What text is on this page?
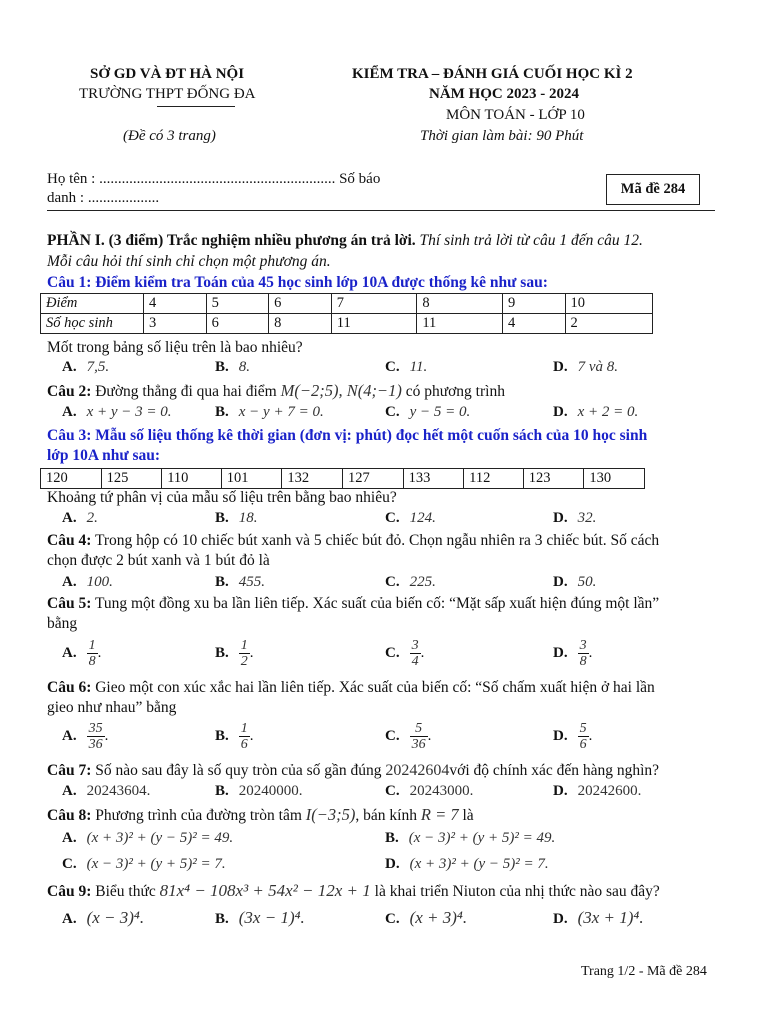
SỞ GD VÀ ĐT HÀ NỘI
TRƯỜNG THPT ĐỐNG ĐA
(Đề có 3 trang)
KIỂM TRA – ĐÁNH GIÁ CUỐI HỌC KÌ 2
NĂM HỌC 2023 - 2024
MÔN TOÁN - LỚP 10
Thời gian làm bài: 90 Phút
Họ tên : ............................................................... Số báo
danh : ...................
Mã đề 284
PHẦN I. (3 điểm) Trắc nghiệm nhiều phương án trả lời. Thí sinh trả lời từ câu 1 đến câu 12.
Mỗi câu hỏi thí sinh chỉ chọn một phương án.
Câu 1: Điểm kiểm tra Toán của 45 học sinh lớp 10A được thống kê như sau:
Điểm	4	5	6	7	8	9	10
Số học sinh	3	6	8	11	11	4	2
Mốt trong bảng số liệu trên là bao nhiêu?
A. 7,5.	B. 8.	C. 11.	D. 7 và 8.
Câu 2: Đường thẳng đi qua hai điểm M(−2;5), N(4;−1) có phương trình
A. x + y − 3 = 0.	B. x − y + 7 = 0.	C. y − 5 = 0.	D. x + 2 = 0.
Câu 3: Mẫu số liệu thống kê thời gian (đơn vị: phút) đọc hết một cuốn sách của 10 học sinh
lớp 10A như sau:
120	125	110	101	132	127	133	112	123	130
Khoảng tứ phân vị của mẫu số liệu trên bằng bao nhiêu?
A. 2.	B. 18.	C. 124.	D. 32.
Câu 4: Trong hộp có 10 chiếc bút xanh và 5 chiếc bút đỏ. Chọn ngẫu nhiên ra 3 chiếc bút. Số cách
chọn được 2 bút xanh và 1 bút đỏ là
A. 100.	B. 455.	C. 225.	D. 50.
Câu 5: Tung một đồng xu ba lần liên tiếp. Xác suất của biến cố: “Mặt sấp xuất hiện đúng một lần”
bằng
A. $\frac{1}{8}$ .	B. $\frac{1}{2}$ .	C. $\frac{3}{4}$ .	D. $\frac{3}{8}$ .
Câu 6: Gieo một con xúc xắc hai lần liên tiếp. Xác suất của biến cố: “Số chấm xuất hiện ở hai lần
gieo như nhau” bằng
A. $\frac{35}{36}$ .	B. $\frac{1}{6}$ .	C. $\frac{5}{36}$ .	D. $\frac{5}{6}$ .
Câu 7: Số nào sau đây là số quy tròn của số gần đúng 20242604với độ chính xác đến hàng nghìn?
A. 20243604.	B. 20240000.	C. 20243000.	D. 20242600.
Câu 8: Phương trình của đường tròn tâm I(−3;5), bán kính R = 7 là
A. (x + 3)² + (y − 5)² = 49.	B. (x − 3)² + (y + 5)² = 49.
C. (x − 3)² + (y + 5)² = 7.	D. (x + 3)² + (y − 5)² = 7.
Câu 9: Biểu thức 81x⁴ − 108x³ + 54x² − 12x + 1 là khai triển Niuton của nhị thức nào sau đây?
A. (x − 3)⁴.	B. (3x − 1)⁴.	C. (x + 3)⁴.	D. (3x + 1)⁴.
Trang 1/2 - Mã đề 284
